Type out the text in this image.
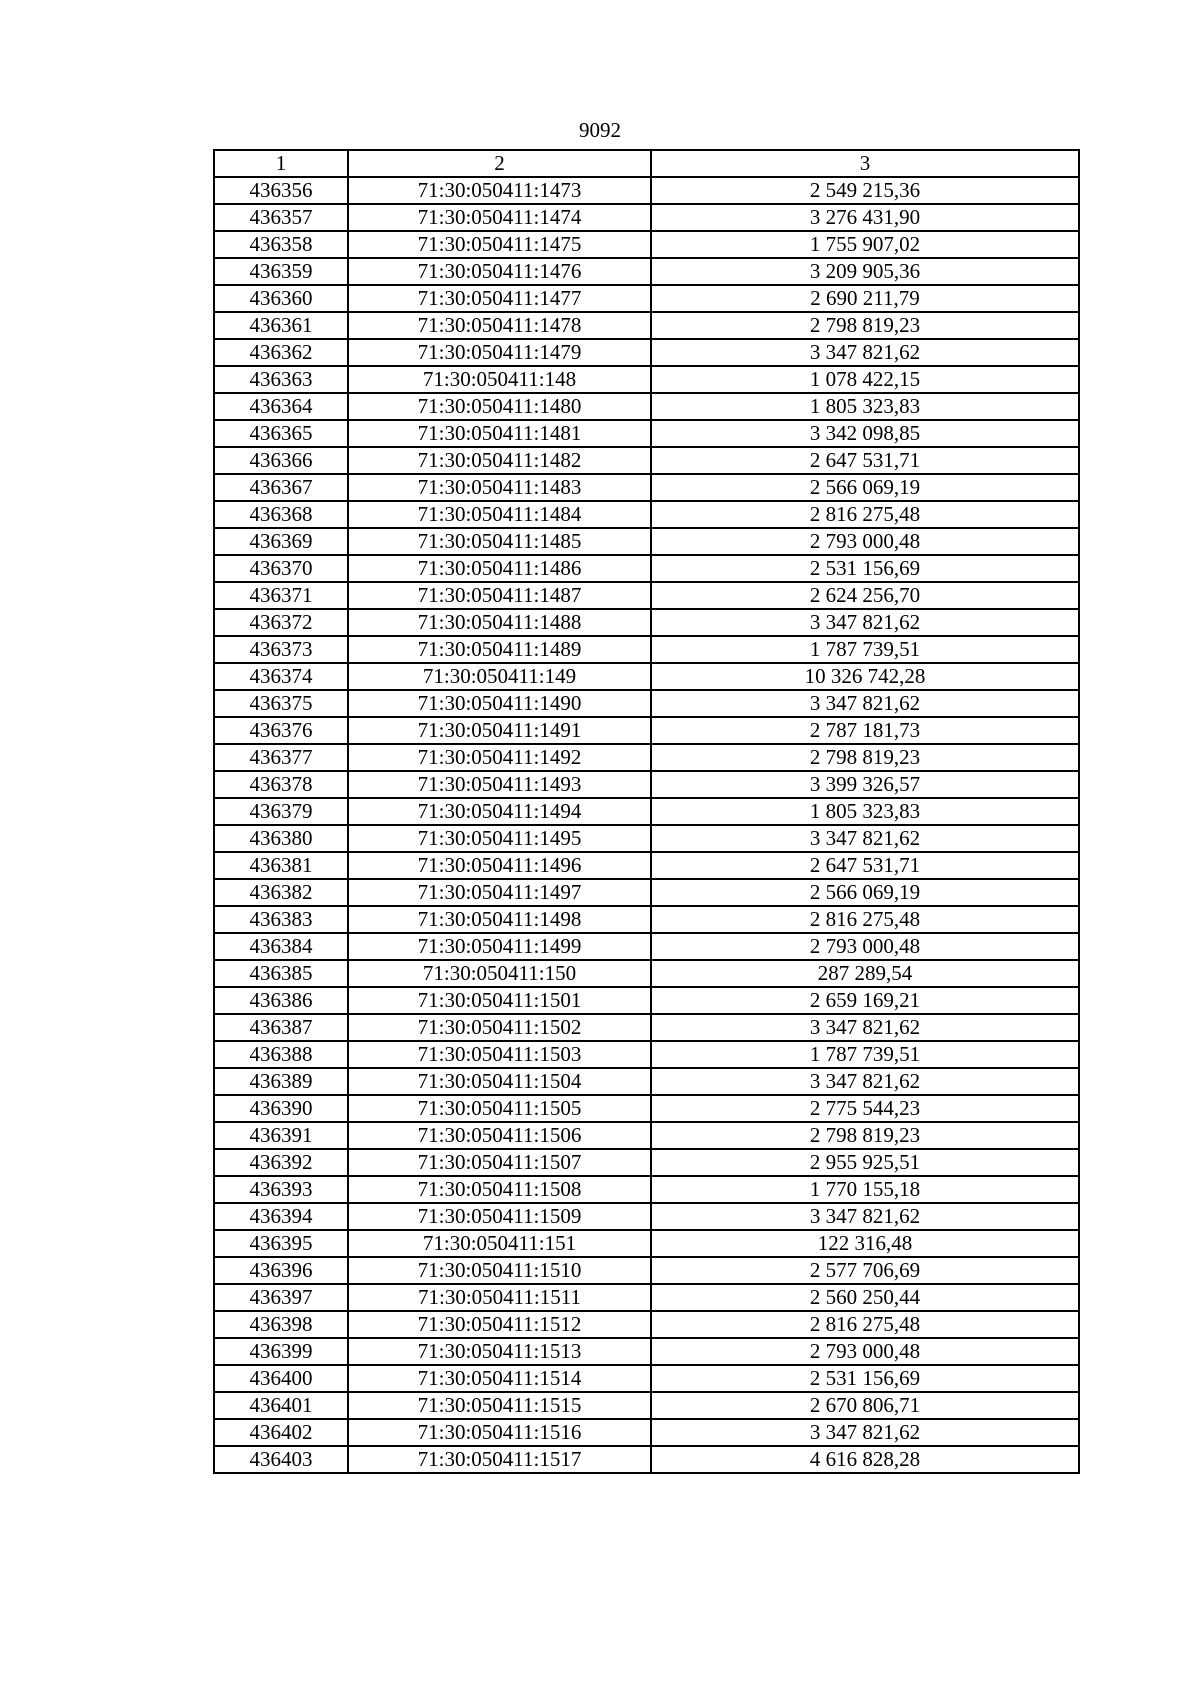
9092
1	2	3
436356	71:30:050411:1473	2 549 215,36
436357	71:30:050411:1474	3 276 431,90
436358	71:30:050411:1475	1 755 907,02
436359	71:30:050411:1476	3 209 905,36
436360	71:30:050411:1477	2 690 211,79
436361	71:30:050411:1478	2 798 819,23
436362	71:30:050411:1479	3 347 821,62
436363	71:30:050411:148	1 078 422,15
436364	71:30:050411:1480	1 805 323,83
436365	71:30:050411:1481	3 342 098,85
436366	71:30:050411:1482	2 647 531,71
436367	71:30:050411:1483	2 566 069,19
436368	71:30:050411:1484	2 816 275,48
436369	71:30:050411:1485	2 793 000,48
436370	71:30:050411:1486	2 531 156,69
436371	71:30:050411:1487	2 624 256,70
436372	71:30:050411:1488	3 347 821,62
436373	71:30:050411:1489	1 787 739,51
436374	71:30:050411:149	10 326 742,28
436375	71:30:050411:1490	3 347 821,62
436376	71:30:050411:1491	2 787 181,73
436377	71:30:050411:1492	2 798 819,23
436378	71:30:050411:1493	3 399 326,57
436379	71:30:050411:1494	1 805 323,83
436380	71:30:050411:1495	3 347 821,62
436381	71:30:050411:1496	2 647 531,71
436382	71:30:050411:1497	2 566 069,19
436383	71:30:050411:1498	2 816 275,48
436384	71:30:050411:1499	2 793 000,48
436385	71:30:050411:150	287 289,54
436386	71:30:050411:1501	2 659 169,21
436387	71:30:050411:1502	3 347 821,62
436388	71:30:050411:1503	1 787 739,51
436389	71:30:050411:1504	3 347 821,62
436390	71:30:050411:1505	2 775 544,23
436391	71:30:050411:1506	2 798 819,23
436392	71:30:050411:1507	2 955 925,51
436393	71:30:050411:1508	1 770 155,18
436394	71:30:050411:1509	3 347 821,62
436395	71:30:050411:151	122 316,48
436396	71:30:050411:1510	2 577 706,69
436397	71:30:050411:1511	2 560 250,44
436398	71:30:050411:1512	2 816 275,48
436399	71:30:050411:1513	2 793 000,48
436400	71:30:050411:1514	2 531 156,69
436401	71:30:050411:1515	2 670 806,71
436402	71:30:050411:1516	3 347 821,62
436403	71:30:050411:1517	4 616 828,28
